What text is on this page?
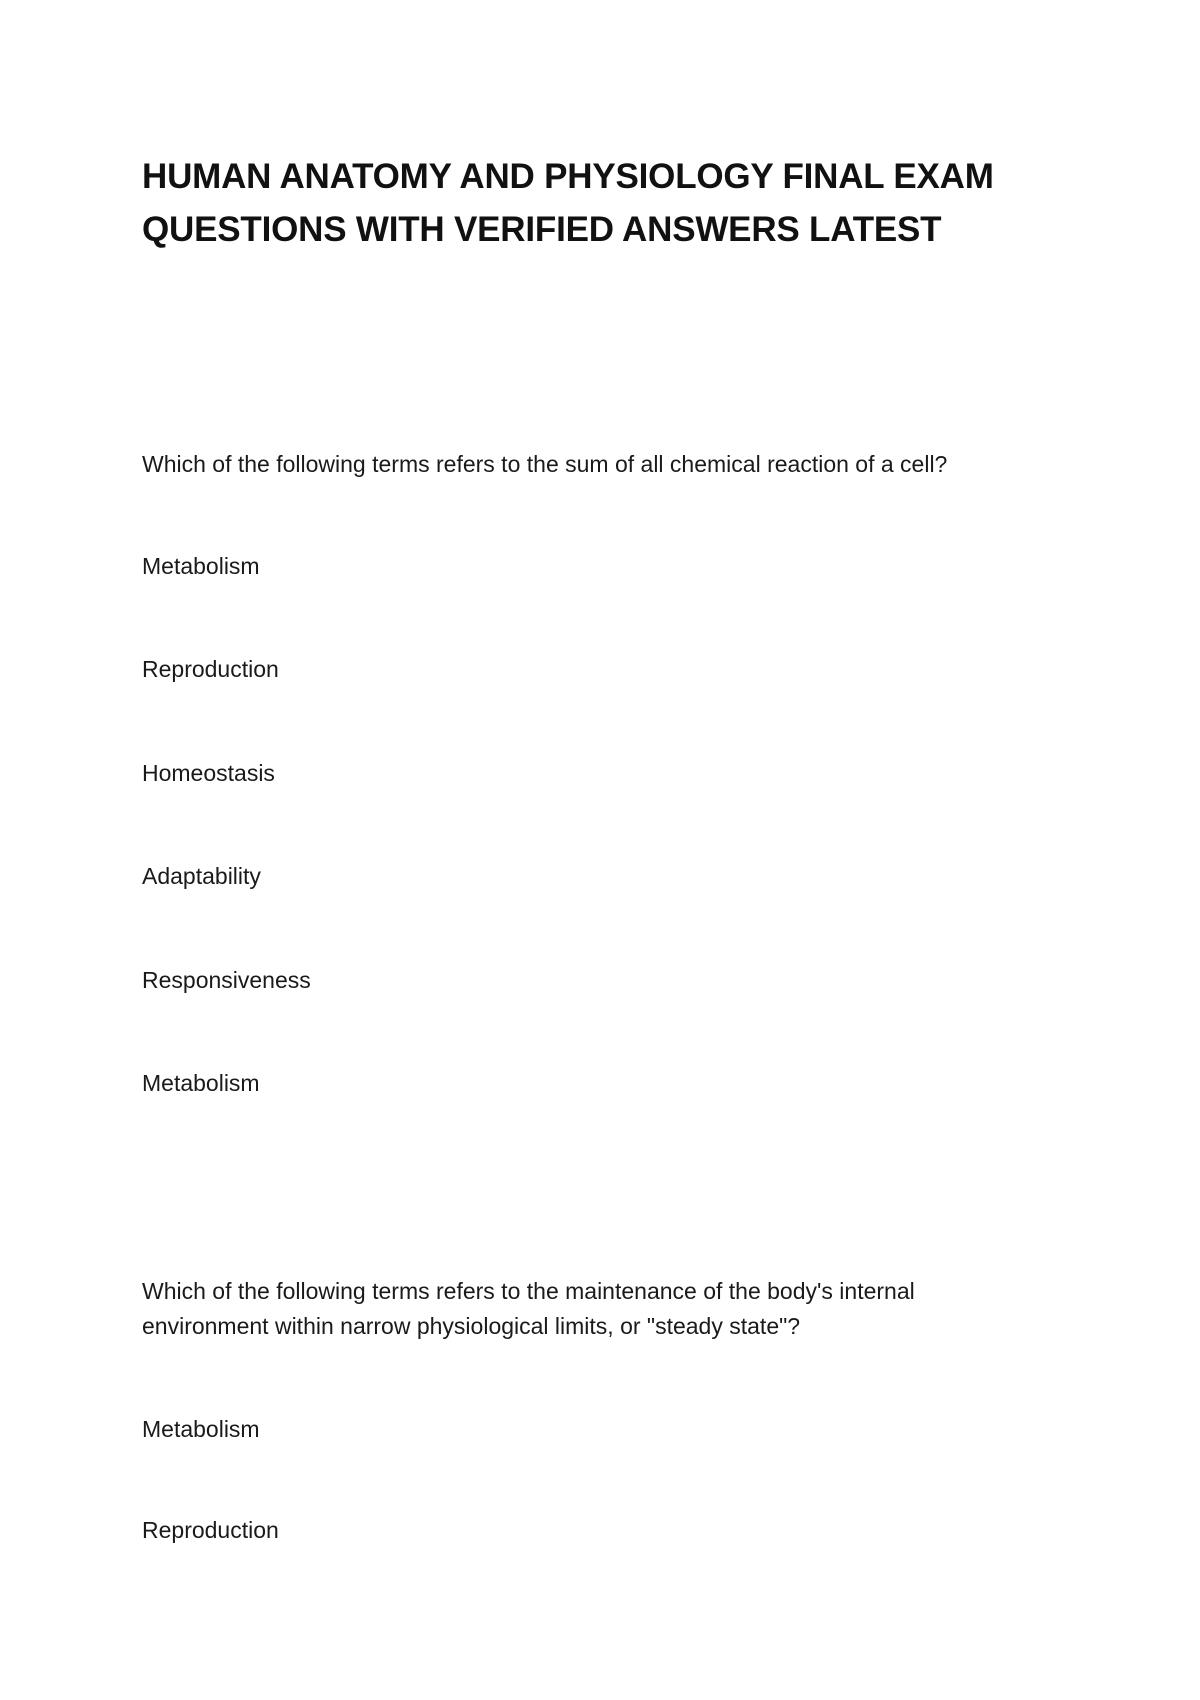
HUMAN ANATOMY AND PHYSIOLOGY FINAL EXAM
QUESTIONS WITH VERIFIED ANSWERS LATEST
Which of the following terms refers to the sum of all chemical reaction of a cell?
Metabolism
Reproduction
Homeostasis
Adaptability
Responsiveness
Metabolism
Which of the following terms refers to the maintenance of the body's internal
environment within narrow physiological limits, or "steady state"?
Metabolism
Reproduction
